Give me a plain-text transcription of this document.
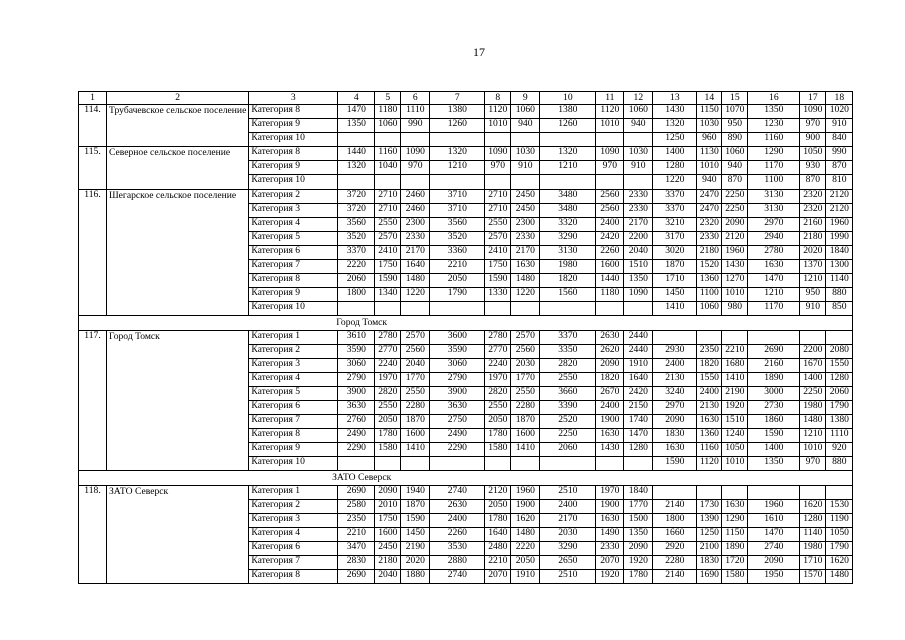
17
1	2	3	4	5	6	7	8	9	10	11	12	13	14	15	16	17	18
114.	Трубачевское сельское поселение	Категория 8	1470	1180	1110	1380	1120	1060	1380	1120	1060	1430	1150	1070	1350	1090	1020
		Категория 9	1350	1060	990	1260	1010	940	1260	1010	940	1320	1030	950	1230	970	910
		Категория 10										1250	960	890	1160	900	840
115.	Северное сельское поселение	Категория 8	1440	1160	1090	1320	1090	1030	1320	1090	1030	1400	1130	1060	1290	1050	990
		Категория 9	1320	1040	970	1210	970	910	1210	970	910	1280	1010	940	1170	930	870
		Категория 10										1220	940	870	1100	870	810
116.	Шегарское сельское поселение	Категория 2	3720	2710	2460	3710	2710	2450	3480	2560	2330	3370	2470	2250	3130	2320	2120
		Категория 3	3720	2710	2460	3710	2710	2450	3480	2560	2330	3370	2470	2250	3130	2320	2120
		Категория 4	3560	2550	2300	3560	2550	2300	3320	2400	2170	3210	2320	2090	2970	2160	1960
		Категория 5	3520	2570	2330	3520	2570	2330	3290	2420	2200	3170	2330	2120	2940	2180	1990
		Категория 6	3370	2410	2170	3360	2410	2170	3130	2260	2040	3020	2180	1960	2780	2020	1840
		Категория 7	2220	1750	1640	2210	1750	1630	1980	1600	1510	1870	1520	1430	1630	1370	1300
		Категория 8	2060	1590	1480	2050	1590	1480	1820	1440	1350	1710	1360	1270	1470	1210	1140
		Категория 9	1800	1340	1220	1790	1330	1220	1560	1180	1090	1450	1100	1010	1210	950	880
		Категория 10										1410	1060	980	1170	910	850
Город Томск																	
117.	Город Томск	Категория 1	3610	2780	2570	3600	2780	2570	3370	2630	2440						
		Категория 2	3590	2770	2560	3590	2770	2560	3350	2620	2440	2930	2350	2210	2690	2200	2080
		Категория 3	3060	2240	2040	3060	2240	2030	2820	2090	1910	2400	1820	1680	2160	1670	1550
		Категория 4	2790	1970	1770	2790	1970	1770	2550	1820	1640	2130	1550	1410	1890	1400	1280
		Категория 5	3900	2820	2550	3900	2820	2550	3660	2670	2420	3240	2400	2190	3000	2250	2060
		Категория 6	3630	2550	2280	3630	2550	2280	3390	2400	2150	2970	2130	1920	2730	1980	1790
		Категория 7	2760	2050	1870	2750	2050	1870	2520	1900	1740	2090	1630	1510	1860	1480	1380
		Категория 8	2490	1780	1600	2490	1780	1600	2250	1630	1470	1830	1360	1240	1590	1210	1110
		Категория 9	2290	1580	1410	2290	1580	1410	2060	1430	1280	1630	1160	1050	1400	1010	920
		Категория 10										1590	1120	1010	1350	970	880
ЗАТО Северск																	
118.	ЗАТО Северск	Категория 1	2690	2090	1940	2740	2120	1960	2510	1970	1840						
		Категория 2	2580	2010	1870	2630	2050	1900	2400	1900	1770	2140	1730	1630	1960	1620	1530
		Категория 3	2350	1750	1590	2400	1780	1620	2170	1630	1500	1800	1390	1290	1610	1280	1190
		Категория 4	2210	1600	1450	2260	1640	1480	2030	1490	1350	1660	1250	1150	1470	1140	1050
		Категория 6	3470	2450	2190	3530	2480	2220	3290	2330	2090	2920	2100	1890	2740	1980	1790
		Категория 7	2830	2180	2020	2880	2210	2050	2650	2070	1920	2280	1830	1720	2090	1710	1620
		Категория 8	2690	2040	1880	2740	2070	1910	2510	1920	1780	2140	1690	1580	1950	1570	1480
